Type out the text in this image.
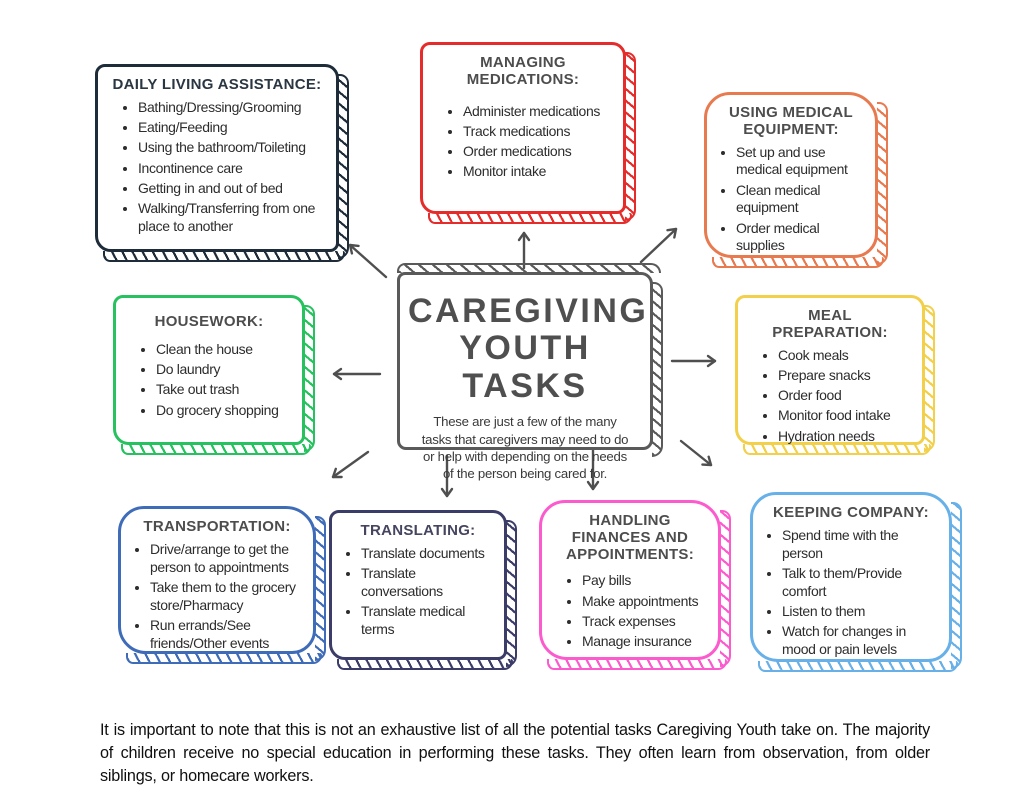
DAILY LIVING ASSISTANCE:
• Bathing/Dressing/Grooming
• Eating/Feeding
• Using the bathroom/Toileting
• Incontinence care
• Getting in and out of bed
• Walking/Transferring from one place to another
MANAGING MEDICATIONS:
• Administer medications
• Track medications
• Order medications
• Monitor intake
USING MEDICAL EQUIPMENT:
• Set up and use medical equipment
• Clean medical equipment
• Order medical supplies
HOUSEWORK:
• Clean the house
• Do laundry
• Take out trash
• Do grocery shopping
CAREGIVING
YOUTH TASKS

These are just a few of the many tasks that caregivers may need to do or help with depending on the needs of the person being cared for.

MEAL PREPARATION:
• Cook meals
• Prepare snacks
• Order food
• Monitor food intake
• Hydration needs
TRANSPORTATION:
• Drive/arrange to get the person to appointments
• Take them to the grocery store/Pharmacy
• Run errands/See friends/Other events
TRANSLATING:
• Translate documents
• Translate conversations
• Translate medical terms
HANDLING FINANCES AND APPOINTMENTS:
• Pay bills
• Make appointments
• Track expenses
• Manage insurance
KEEPING COMPANY:
• Spend time with the person
• Talk to them/Provide comfort
• Listen to them
• Watch for changes in mood or pain levels

It is important to note that this is not an exhaustive list of all the potential tasks Caregiving Youth take on. The majority of children receive no special education in performing these tasks. They often learn from observation, from older siblings, or homecare workers.
